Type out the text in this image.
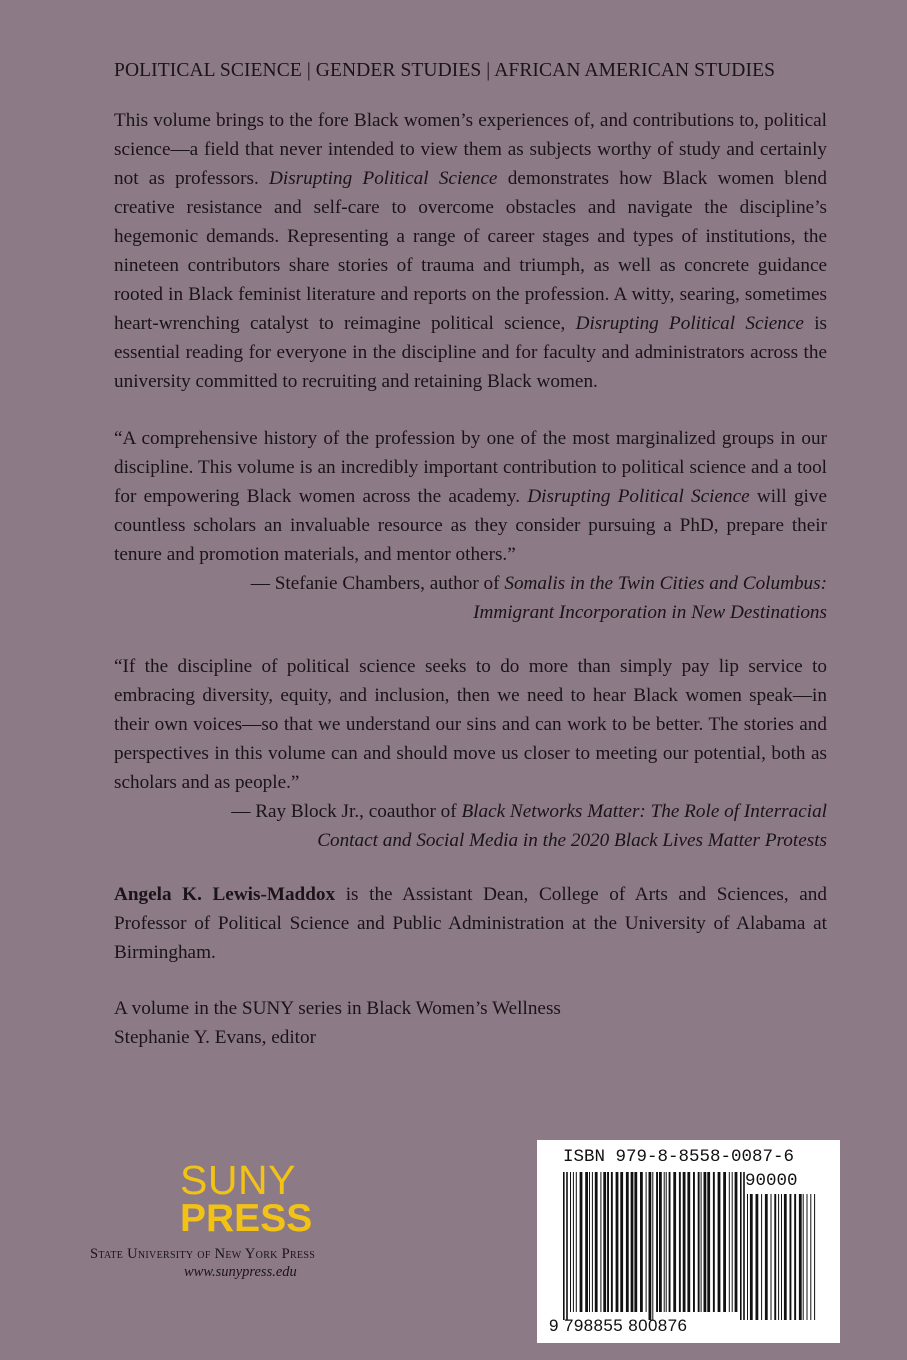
POLITICAL SCIENCE | GENDER STUDIES | AFRICAN AMERICAN STUDIES

This volume brings to the fore Black women’s experiences of, and contributions to, political science—a field that never intended to view them as subjects worthy of study and certainly not as professors. Disrupting Political Science demonstrates how Black women blend creative resistance and self-care to overcome obstacles and navigate the discipline’s hegemonic demands. Representing a range of career stages and types of institutions, the nineteen contributors share stories of trauma and triumph, as well as concrete guidance rooted in Black feminist literature and reports on the profession. A witty, searing, sometimes heart-wrenching catalyst to reimagine political science, Disrupting Political Science is essential reading for everyone in the discipline and for faculty and administrators across the university committed to recruiting and retaining Black women.

“A comprehensive history of the profession by one of the most marginalized groups in our discipline. This volume is an incredibly important contribution to political science and a tool for empowering Black women across the academy. Disrupting Political Science will give countless scholars an invaluable resource as they consider pursuing a PhD, prepare their tenure and promotion materials, and mentor others.”

— Stefanie Chambers, author of Somalis in the Twin Cities and Columbus:
Immigrant Incorporation in New Destinations

“If the discipline of political science seeks to do more than simply pay lip service to embracing diversity, equity, and inclusion, then we need to hear Black women speak—in their own voices—so that we understand our sins and can work to be better. The stories and perspectives in this volume can and should move us closer to meeting our potential, both as scholars and as people.”

— Ray Block Jr., coauthor of Black Networks Matter: The Role of Interracial
Contact and Social Media in the 2020 Black Lives Matter Protests

Angela K. Lewis-Maddox is the Assistant Dean, College of Arts and Sciences, and Professor of Political Science and Public Administration at the University of Alabama at Birmingham.

A volume in the SUNY series in Black Women’s Wellness

Stephanie Y. Evans, editor

SUNY
PRESS
State University of New York Press
www.sunypress.edu
ISBN 979-8-8558-0087-6
90000
9 798855 800876
